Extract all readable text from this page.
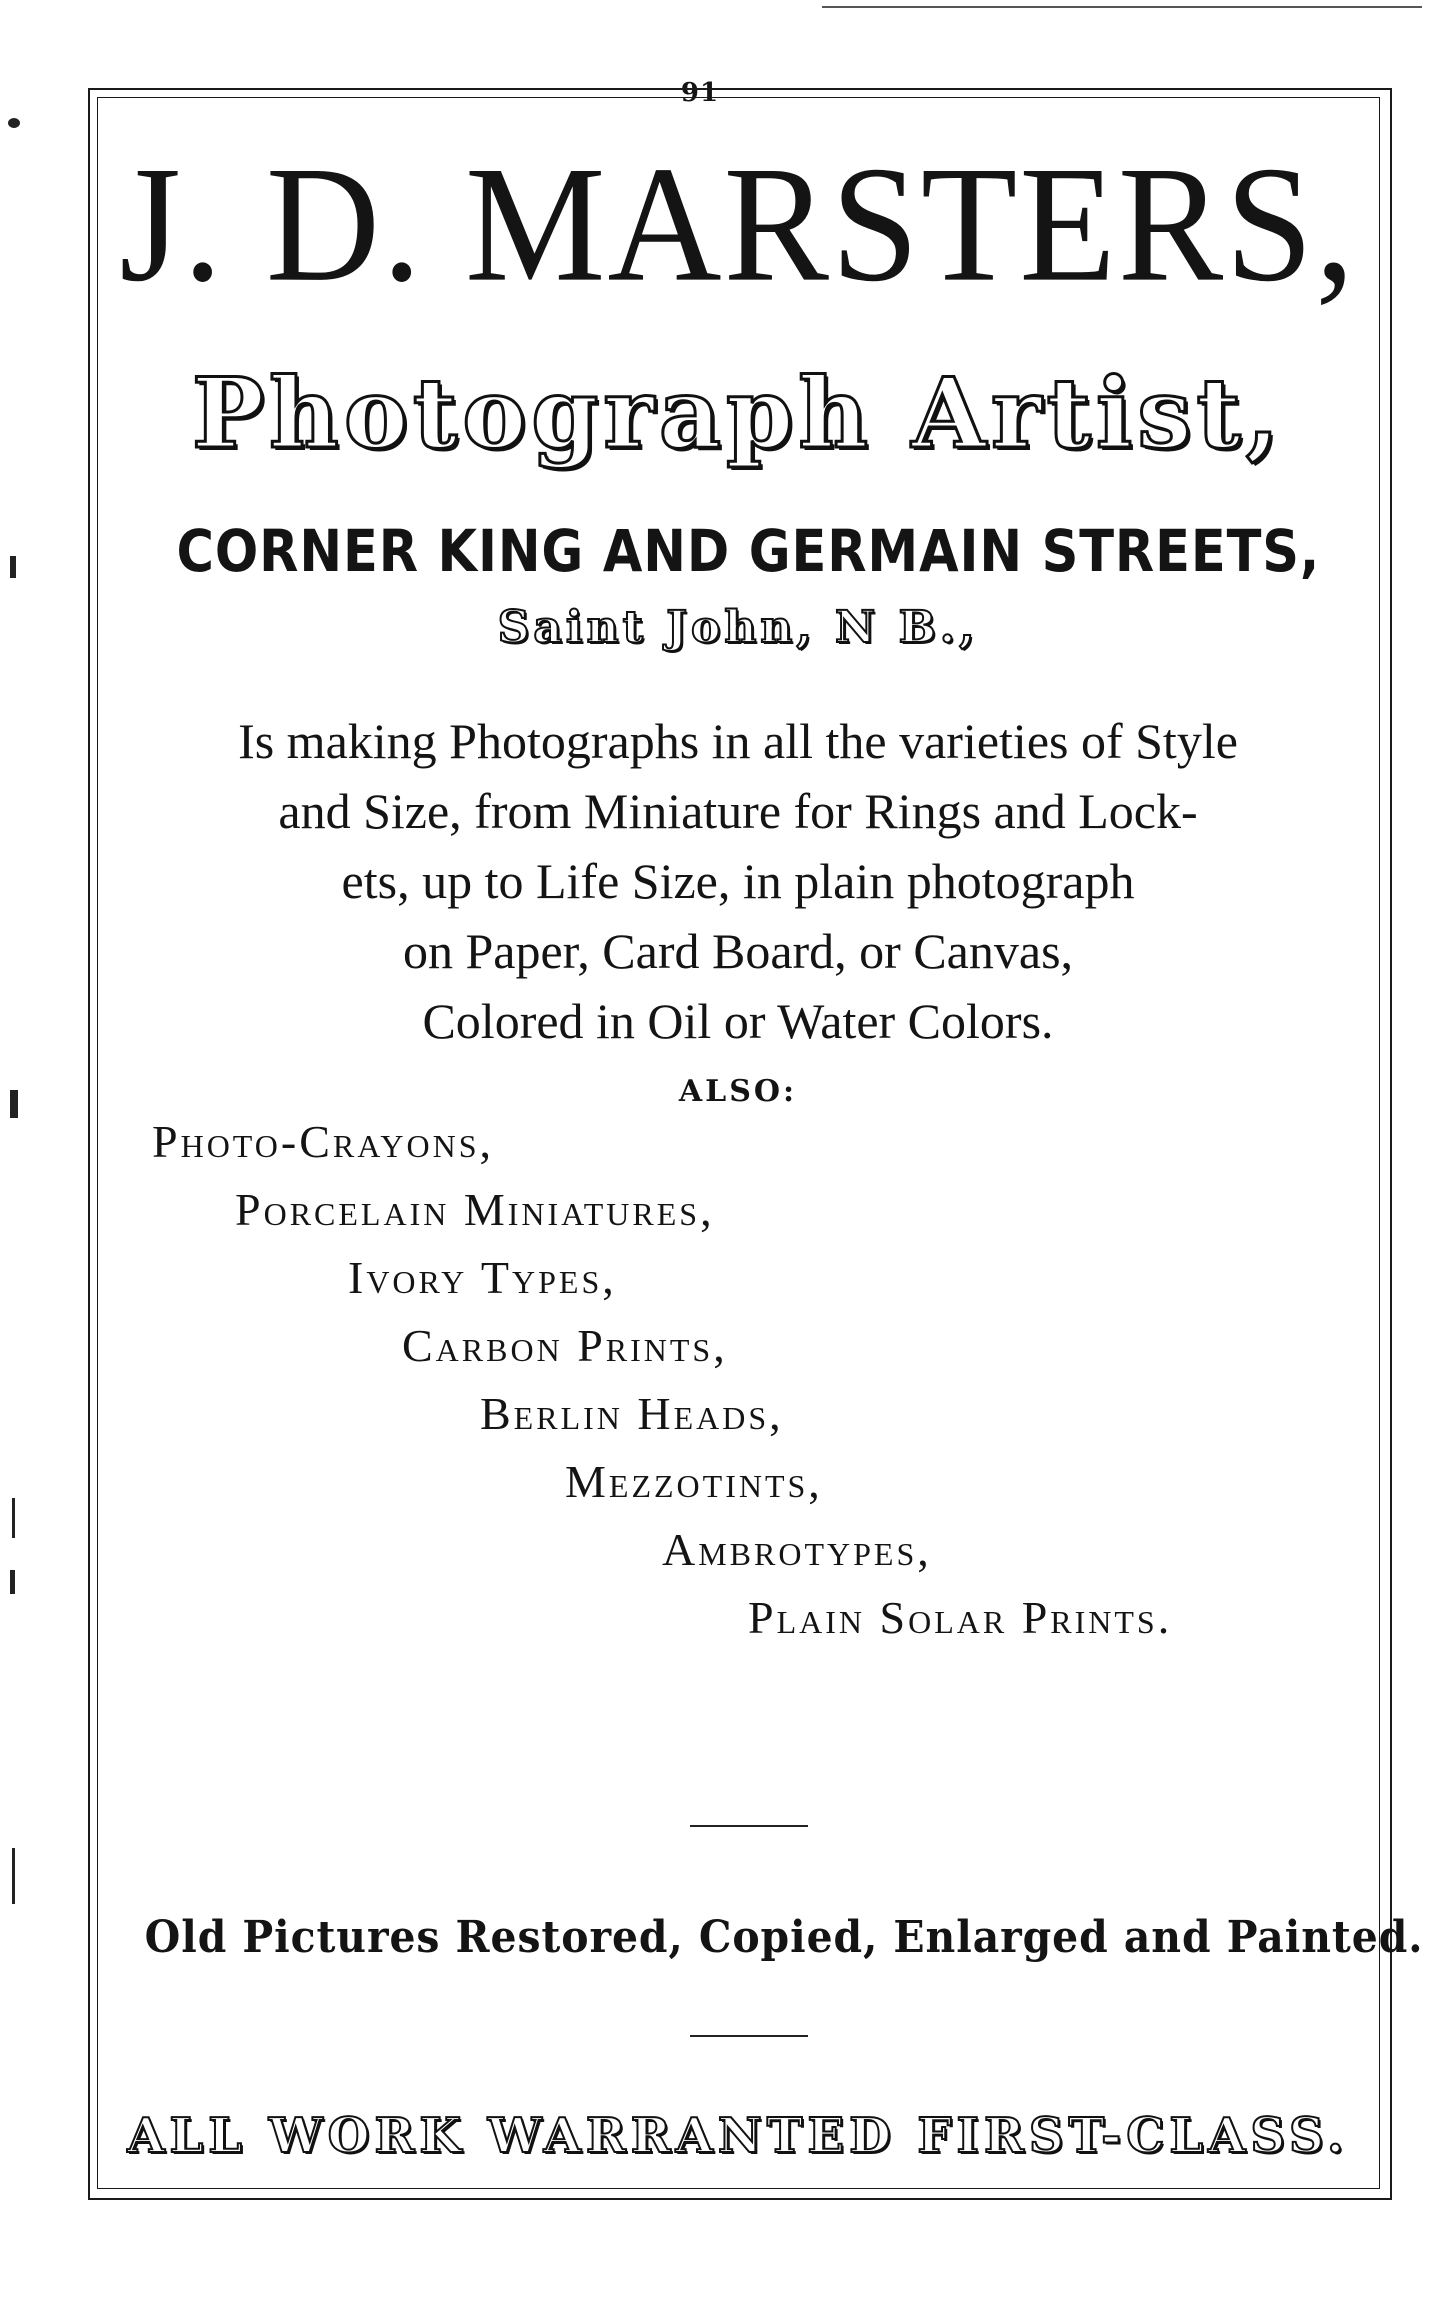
91
J. D. MARSTERS,
Photograph Artist,
CORNER KING AND GERMAIN STREETS,
Saint John, N B.,
Is making Photographs in all the varieties of Style
and Size, from Miniature for Rings and Lock-
ets, up to Life Size, in plain photograph
on Paper, Card Board, or Canvas,
Colored in Oil or Water Colors.
ALSO:
Photo-Crayons,
Porcelain Miniatures,
Ivory Types,
Carbon Prints,
Berlin Heads,
Mezzotints,
Ambrotypes,
Plain Solar Prints.
Old Pictures Restored, Copied, Enlarged and Painted.
ALL WORK WARRANTED FIRST-CLASS.
